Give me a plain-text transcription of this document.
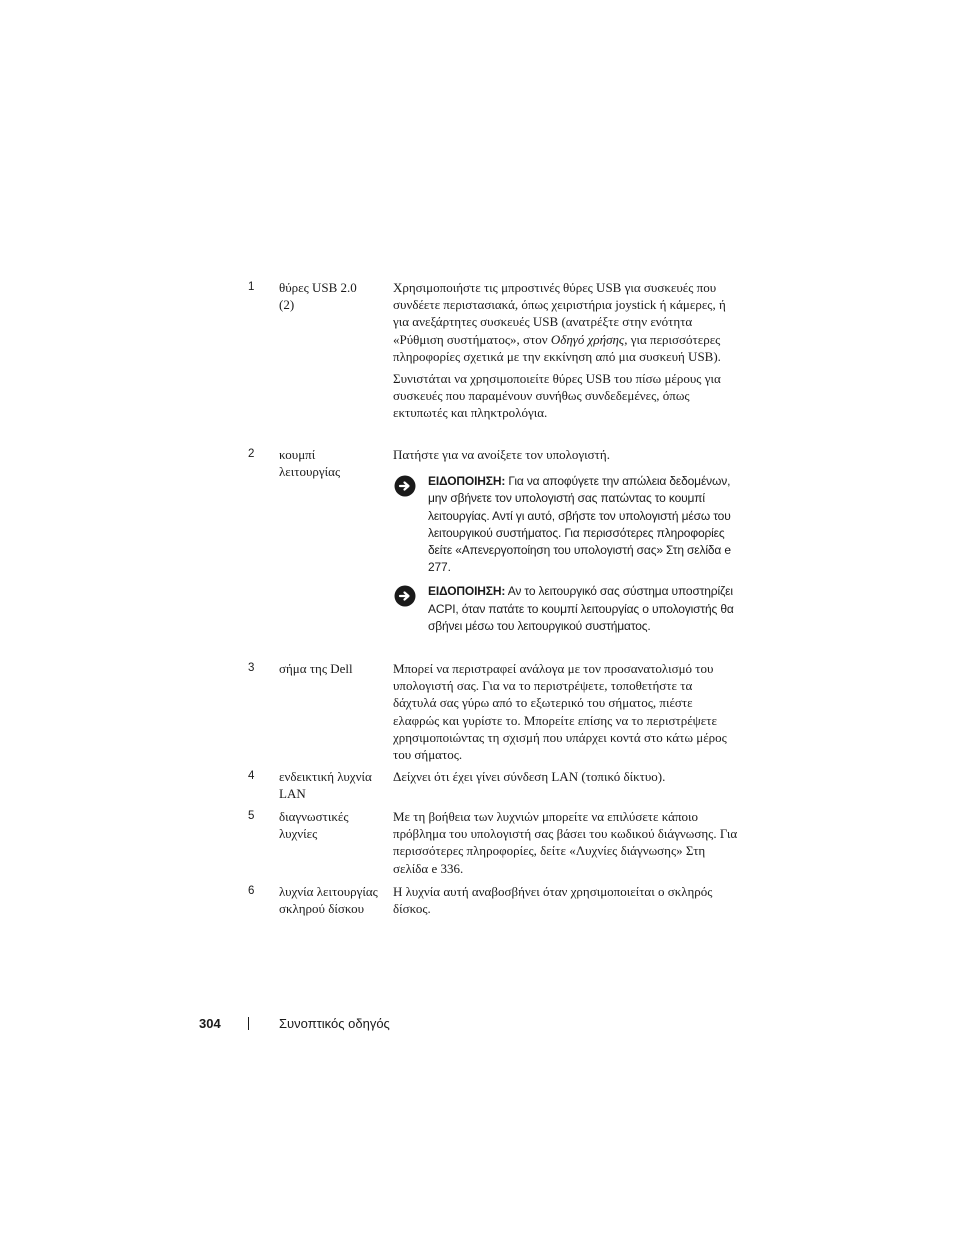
1 θύρες USB 2.0 (2)

Χρησιμοποιήστε τις μπροστινές θύρες USB για συσκευές που συνδέετε περιστασιακά, όπως χειριστήρια joystick ή κάμερες, ή για ανεξάρτητες συσκευές USB (ανατρέξτε στην ενότητα «Ρύθμιση συστήματος», στον Οδηγό χρήσης, για περισσότερες πληροφορίες σχετικά με την εκκίνηση από μια συσκευή USB).

Συνιστάται να χρησιμοποιείτε θύρες USB του πίσω μέρους για συσκευές που παραμένουν συνήθως συνδεδεμένες, όπως εκτυπωτές και πληκτρολόγια.

2 κουμπί λειτουργίας

Πατήστε για να ανοίξετε τον υπολογιστή.

ΕΙΔΟΠΟΙΗΣΗ: Για να αποφύγετε την απώλεια δεδομένων, μην σβήνετε τον υπολογιστή σας πατώντας το κουμπί λειτουργίας. Αντί γι αυτό, σβήστε τον υπολογιστή μέσω του λειτουργικού συστήματος. Για περισσότερες πληροφορίες δείτε «Απενεργοποίηση του υπολογιστή σας» Στη σελίδα e 277.
ΕΙΔΟΠΟΙΗΣΗ: Αν το λειτουργικό σας σύστημα υποστηρίζει ACPI, όταν πατάτε το κουμπί λειτουργίας ο υπολογιστής θα σβήνει μέσω του λειτουργικού συστήματος.
3 σήμα της Dell	Μπορεί να περιστραφεί ανάλογα με τον προσανατολισμό του υπολογιστή σας. Για να το περιστρέψετε, τοποθετήστε τα δάχτυλά σας γύρω από το εξωτερικό του σήματος, πιέστε ελαφρώς και γυρίστε το. Μπορείτε επίσης να το περιστρέψετε χρησιμοποιώντας τη σχισμή που υπάρχει κοντά στο κάτω μέρος του σήματος.

4 ενδεικτική λυχνία LAN

Δείχνει ότι έχει γίνει σύνδεση LAN (τοπικό δίκτυο).

5 διαγνωστικές λυχνίες

Με τη βοήθεια των λυχνιών μπορείτε να επιλύσετε κάποιο πρόβλημα του υπολογιστή σας βάσει του κωδικού διάγνωσης. Για περισσότερες πληροφορίες, δείτε «Λυχνίες διάγνωσης» Στη σελίδα e 336.

6 λυχνία λειτουργίας σκληρού δίσκου

Η λυχνία αυτή αναβοσβήνει όταν χρησιμοποιείται ο σκληρός δίσκος.

304	Συνοπτικός οδηγός
